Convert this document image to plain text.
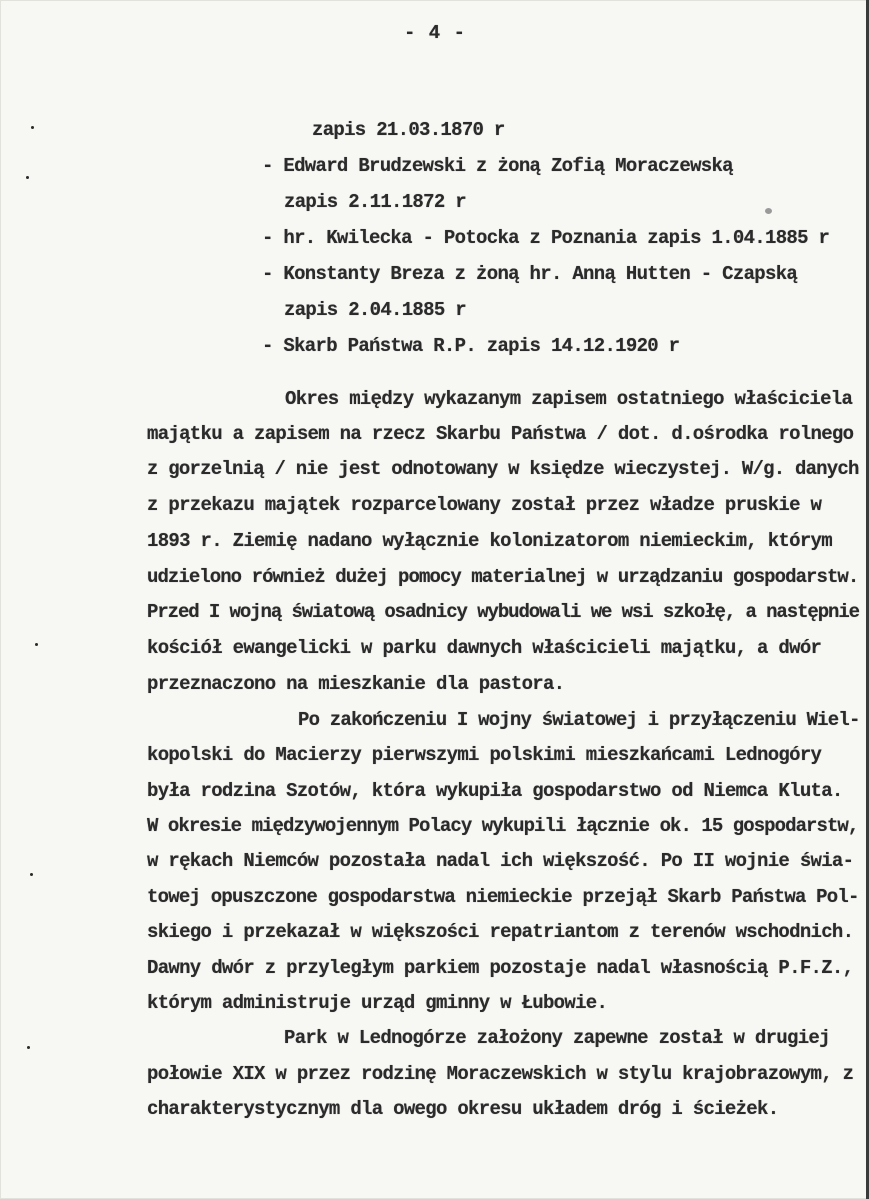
- 4 -
zapis 21.03.1870 r
- Edward Brudzewski z żoną Zofią Moraczewską
zapis 2.11.1872 r
- hr. Kwilecka - Potocka z Poznania zapis 1.04.1885 r
- Konstanty Breza z żoną hr. Anną Hutten - Czapską
zapis 2.04.1885 r
- Skarb Państwa R.P. zapis 14.12.1920 r
Okres między wykazanym zapisem ostatniego właściciela
majątku a zapisem na rzecz Skarbu Państwa / dot. d.ośrodka rolnego
z gorzelnią / nie jest odnotowany w księdze wieczystej. W/g. danych
z przekazu majątek rozparcelowany został przez władze pruskie w
1893 r. Ziemię nadano wyłącznie kolonizatorom niemieckim, którym
udzielono również dużej pomocy materialnej w urządzaniu gospodarstw.
Przed I wojną światową osadnicy wybudowali we wsi szkołę, a następnie
kościół ewangelicki w parku dawnych właścicieli majątku, a dwór
przeznaczono na mieszkanie dla pastora.
Po zakończeniu I wojny światowej i przyłączeniu Wiel-
kopolski do Macierzy pierwszymi polskimi mieszkańcami Lednogóry
była rodzina Szotów, która wykupiła gospodarstwo od Niemca Kluta.
W okresie międzywojennym Polacy wykupili łącznie ok. 15 gospodarstw,
w rękach Niemców pozostała nadal ich większość. Po II wojnie świa-
towej opuszczone gospodarstwa niemieckie przejął Skarb Państwa Pol-
skiego i przekazał w większości repatriantom z terenów wschodnich.
Dawny dwór z przyległym parkiem pozostaje nadal własnością P.F.Z.,
którym administruje urząd gminny w Łubowie.
Park w Lednogórze założony zapewne został w drugiej
połowie XIX w przez rodzinę Moraczewskich w stylu krajobrazowym, z
charakterystycznym dla owego okresu układem dróg i ścieżek.
